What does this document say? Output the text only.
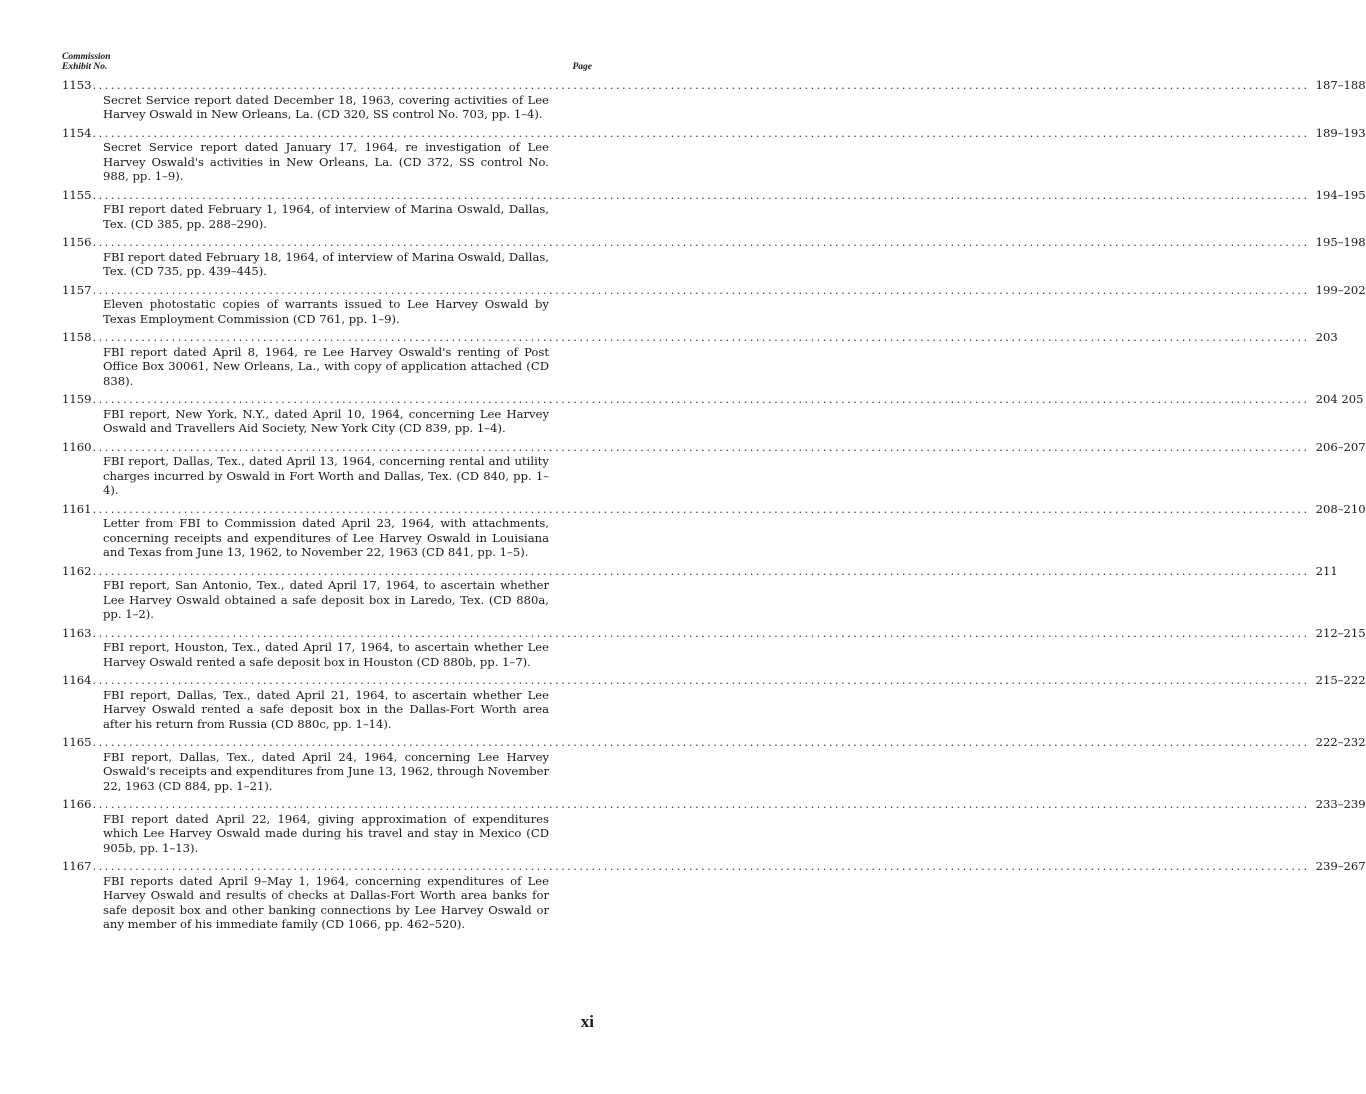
Commission
Exhibit No.	Page
1153 ........................................................................................................................................................................................................ 187–188
Secret Service report dated December 18, 1963, covering activities of Lee Harvey Oswald in New Orleans, La. (CD 320, SS control No. 703, pp. 1–4).
1154 ........................................................................................................................................................................................................ 189–193
Secret Service report dated January 17, 1964, re investigation of Lee Harvey Oswald's activities in New Orleans, La. (CD 372, SS control No. 988, pp. 1–9).
1155 ........................................................................................................................................................................................................ 194–195
FBI report dated February 1, 1964, of interview of Marina Oswald, Dallas, Tex. (CD 385, pp. 288–290).
1156 ........................................................................................................................................................................................................ 195–198
FBI report dated February 18, 1964, of interview of Marina Oswald, Dallas, Tex. (CD 735, pp. 439–445).
1157 ........................................................................................................................................................................................................ 199–202
Eleven photostatic copies of warrants issued to Lee Harvey Oswald by Texas Employment Commission (CD 761, pp. 1–9).
1158 ........................................................................................................................................................................................................ 203
FBI report dated April 8, 1964, re Lee Harvey Oswald's renting of Post Office Box 30061, New Orleans, La., with copy of application attached (CD 838).
1159 ........................................................................................................................................................................................................ 204 205
FBI report, New York, N.Y., dated April 10, 1964, concerning Lee Harvey Oswald and Travellers Aid Society, New York City (CD 839, pp. 1–4).
1160 ........................................................................................................................................................................................................ 206–207
FBI report, Dallas, Tex., dated April 13, 1964, concerning rental and utility charges incurred by Oswald in Fort Worth and Dallas, Tex. (CD 840, pp. 1–4).
1161 ........................................................................................................................................................................................................ 208–210
Letter from FBI to Commission dated April 23, 1964, with attachments, concerning receipts and expenditures of Lee Harvey Oswald in Louisiana and Texas from June 13, 1962, to November 22, 1963 (CD 841, pp. 1–5).
1162 ........................................................................................................................................................................................................ 211
FBI report, San Antonio, Tex., dated April 17, 1964, to ascertain whether Lee Harvey Oswald obtained a safe deposit box in Laredo, Tex. (CD 880a, pp. 1–2).
1163 ........................................................................................................................................................................................................ 212–215
FBI report, Houston, Tex., dated April 17, 1964, to ascertain whether Lee Harvey Oswald rented a safe deposit box in Houston (CD 880b, pp. 1–7).
1164 ........................................................................................................................................................................................................ 215–222
FBI report, Dallas, Tex., dated April 21, 1964, to ascertain whether Lee Harvey Oswald rented a safe deposit box in the Dallas-Fort Worth area after his return from Russia (CD 880c, pp. 1–14).
1165 ........................................................................................................................................................................................................ 222–232
FBI report, Dallas, Tex., dated April 24, 1964, concerning Lee Harvey Oswald's receipts and expenditures from June 13, 1962, through November 22, 1963 (CD 884, pp. 1–21).
1166 ........................................................................................................................................................................................................ 233–239
FBI report dated April 22, 1964, giving approximation of expenditures which Lee Harvey Oswald made during his travel and stay in Mexico (CD 905b, pp. 1–13).
1167 ........................................................................................................................................................................................................ 239–267
FBI reports dated April 9–May 1, 1964, concerning expenditures of Lee Harvey Oswald and results of checks at Dallas-Fort Worth area banks for safe deposit box and other banking connections by Lee Harvey Oswald or any member of his immediate family (CD 1066, pp. 462–520).
xi
